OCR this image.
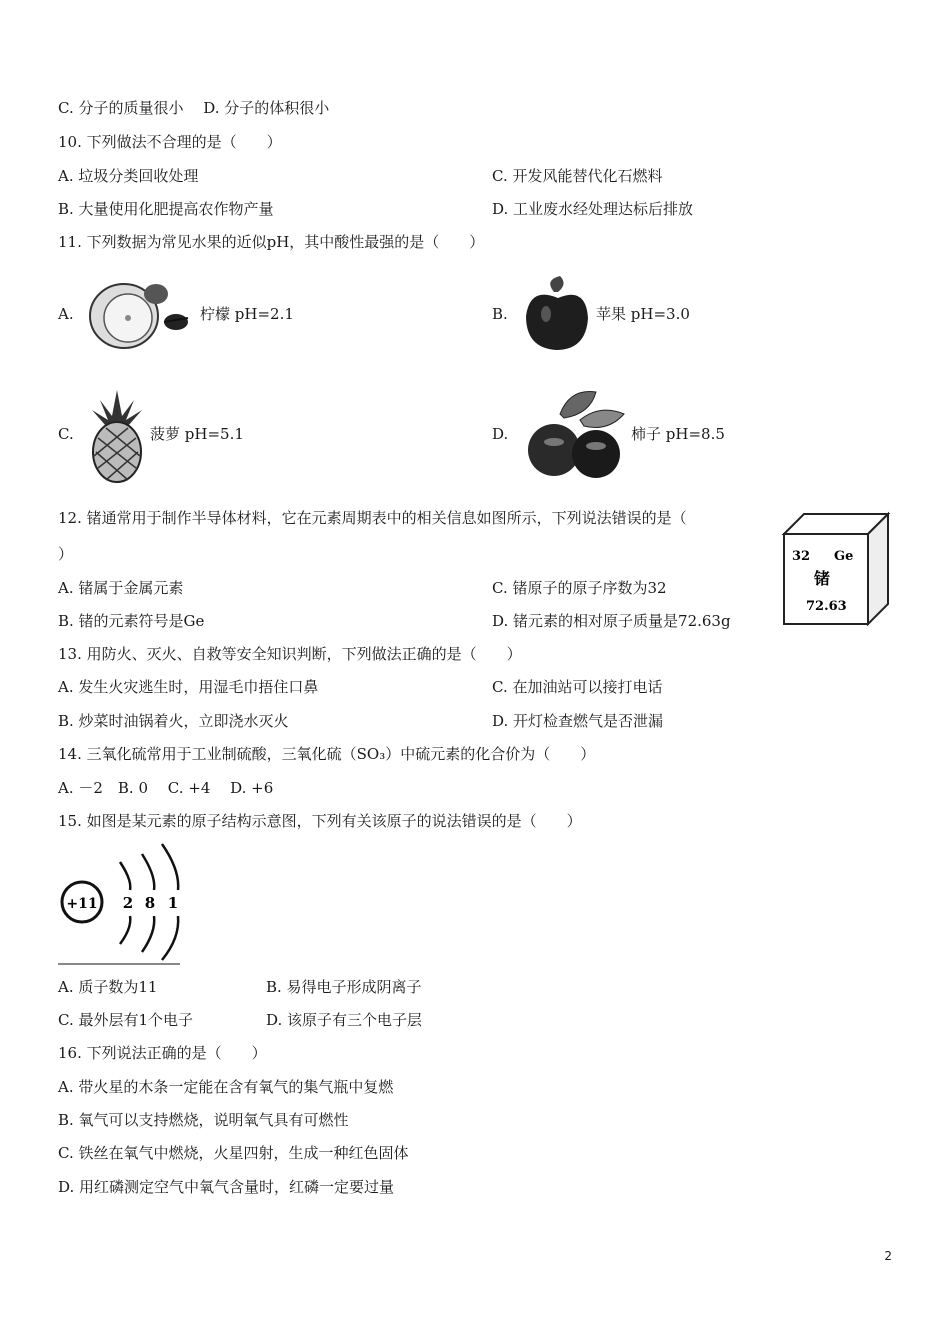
C. 分子的质量很小　 D. 分子的体积很小
10. 下列做法不合理的是（　　）
A. 垃圾分类回收处理	C. 开发风能替代化石燃料
B. 大量使用化肥提高农作物产量	D. 工业废水经处理达标后排放
11. 下列数据为常见水果的近似pH，其中酸性最强的是（　　）
A.	柠檬 pH=2.1	B.	苹果 pH=3.0
C.	菠萝 pH=5.1	D.	柿子 pH=8.5
12. 锗通常用于制作半导体材料，它在元素周期表中的相关信息如图所示，下列说法错误的是（
）
A. 锗属于金属元素	C. 锗原子的原子序数为32
B. 锗的元素符号是Ge	D. 锗元素的相对原子质量是72.63g
32 Ge
锗
72.63
13. 用防火、灭火、自救等安全知识判断，下列做法正确的是（　　）
A. 发生火灾逃生时，用湿毛巾捂住口鼻	C. 在加油站可以接打电话
B. 炒菜时油锅着火，立即浇水灭火	D. 开灯检查燃气是否泄漏
14. 三氧化硫常用于工业制硫酸，三氧化硫（SO₃）中硫元素的化合价为（　　）
A. －2　B. 0　 C. +4　 D. +6
15. 如图是某元素的原子结构示意图，下列有关该原子的说法错误的是（　　）
+11 2 8 1
A. 质子数为11	B. 易得电子形成阴离子
C. 最外层有1个电子	D. 该原子有三个电子层
16. 下列说法正确的是（　　）
A. 带火星的木条一定能在含有氧气的集气瓶中复燃
B. 氧气可以支持燃烧，说明氧气具有可燃性
C. 铁丝在氧气中燃烧，火星四射，生成一种红色固体
D. 用红磷测定空气中氧气含量时，红磷一定要过量
2
